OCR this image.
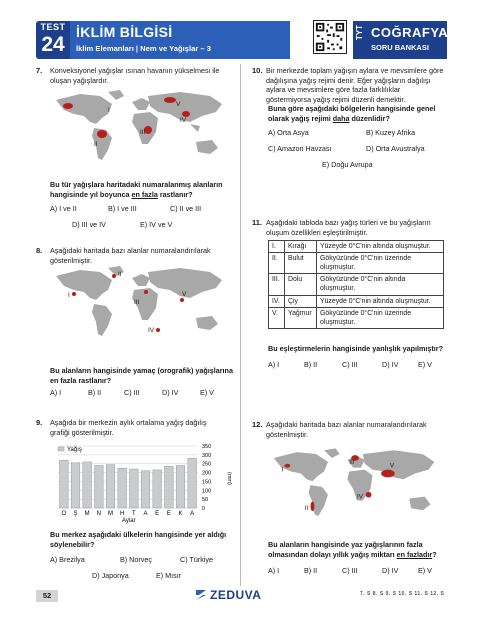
TEST
24
İKLİM BİLGİSİ
İklim Elemanları | Nem ve Yağışlar – 3
TYT COĞRAFYA
SORU BANKASI
7. Konveksiyonel yağışlar ısınan havanın yükselmesi ile oluşan yağışlardır.
I
II
III
IV
V
Bu tür yağışlara haritadaki numaralanmış alanların hangisinde yıl boyunca en fazla rastlanır?
A) I ve II	B) I ve III	C) II ve III
D) III ve IV	E) IV ve V
8. Aşağıdaki haritada bazı alanlar numaralandırılarak gösterilmiştir.
I
II
III
IV
V
Bu alanların hangisinde yamaç (orografik) yağışlarına en fazla rastlanır?
A) I	B) II	C) III	D) IV	E) V
9. Aşağıda bir merkezin aylık ortalama yağış dağılış grafiği gösterilmiştir.
Yağış	350
300
250
200
150
100
50
0
O Ş M N M H T A E E K A
(mm)
Aylar
Bu merkez aşağıdaki ülkelerin hangisinde yer aldığı söylenebilir?
A) Brezilya	B) Norveç	C) Türkiye
D) Japonya	E) Mısır
10. Bir merkezde toplam yağışın aylara ve mevsimlere göre dağılışına yağış rejimi denir. Eğer yağışların dağılışı aylara ve mevsimlere göre fazla farklılıklar göstermiyorsa yağış rejimi düzenli demektir.
Buna göre aşağıdaki bölgelerin hangisinde genel olarak yağış rejimi daha düzenlidir?
A) Orta Asya	B) Kuzey Afrika
C) Amazon Havzası	D) Orta Avustralya
E) Doğu Avrupa
11. Aşağıdaki tabloda bazı yağış türleri ve bu yağışların oluşum özellikleri eşleştirilmiştir.
I.	Kırağı	Yüzeyde 0°C'nin altında oluşmuştur.
II.	Bulut	Gökyüzünde 0°C'nin üzerinde oluşmuştur.
III.	Dolu	Gökyüzünde 0°C'nin altında oluşmuştur.
IV.	Çiy	Yüzeyde 0°C'nin altında oluşmuştur.
V.	Yağmur	Gökyüzünde 0°C'nin üzerinde oluşmuştur.
Bu eşleştirmelerin hangisinde yanlışlık yapılmıştır?
A) I	B) II	C) III	D) IV	E) V
12. Aşağıdaki haritada bazı alanlar numaralandırılarak gösterilmiştir.
I
II
III
IV
V
Bu alanların hangisinde yaz yağışlarının fazla olmasından dolayı yıllık yağış miktarı en fazladır?
A) I	B) II	C) III	D) IV	E) V
52	ZEDUVA	7. S 8. S 9. S 10. S 11. S 12. S
